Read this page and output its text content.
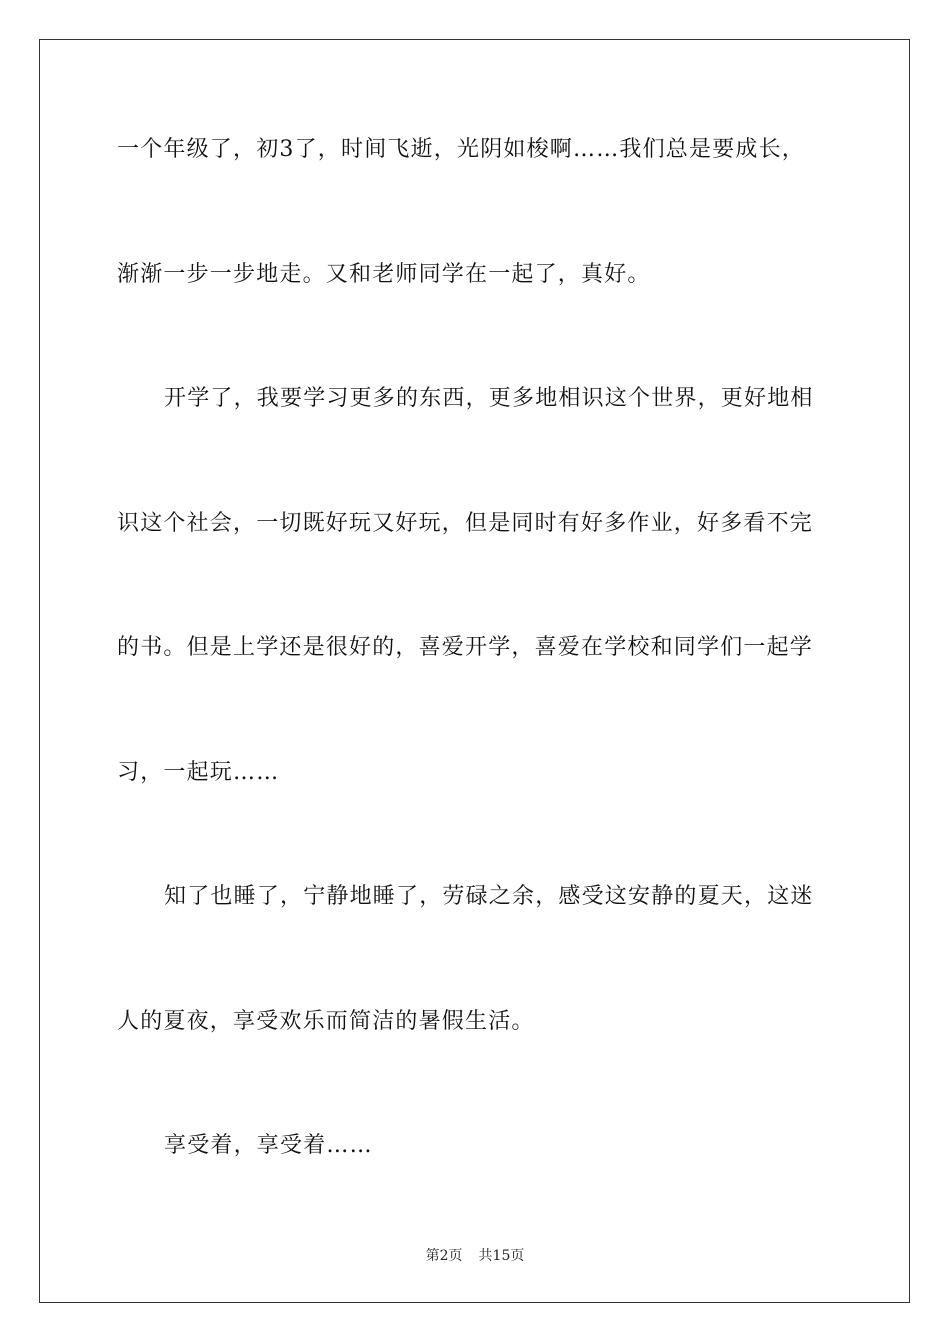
一个年级了，初3了，时间飞逝，光阴如梭啊……我们总是要成长，
渐渐一步一步地走。又和老师同学在一起了，真好。
开学了，我要学习更多的东西，更多地相识这个世界，更好地相
识这个社会，一切既好玩又好玩，但是同时有好多作业，好多看不完
的书。但是上学还是很好的，喜爱开学，喜爱在学校和同学们一起学
习，一起玩……
知了也睡了，宁静地睡了，劳碌之余，感受这安静的夏天，这迷
人的夏夜，享受欢乐而简洁的暑假生活。
享受着，享受着……
第2页 共15页
